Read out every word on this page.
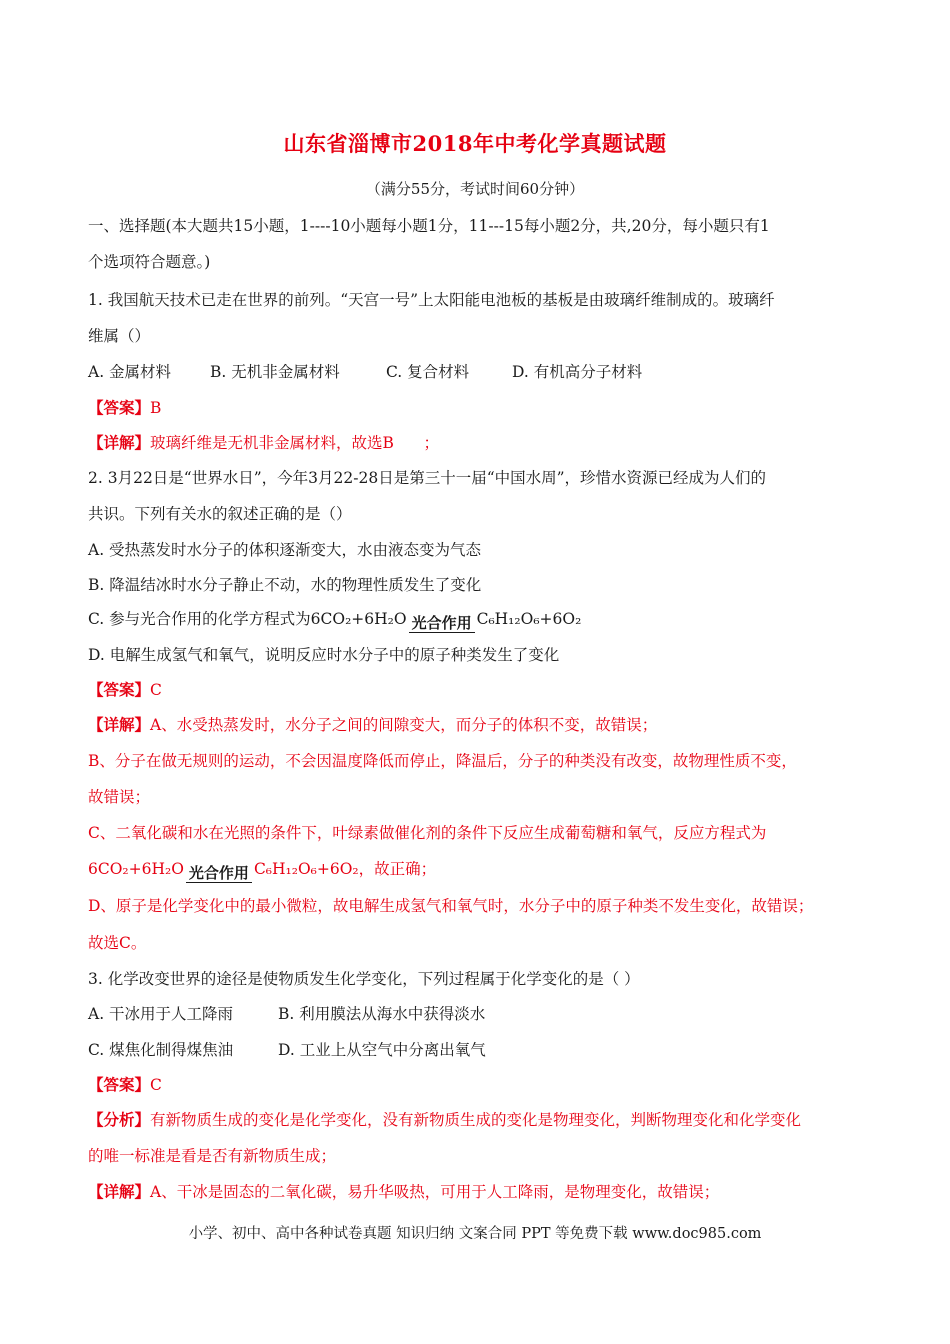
山东省淄博市2018年中考化学真题试题
（满分55分，考试时间60分钟）
一、选择题(本大题共15小题，1----10小题每小题1分，11---15每小题2分，共,20分，每小题只有1
个选项符合题意。)
1. 我国航天技术已走在世界的前列。“天宫一号”上太阳能电池板的基板是由玻璃纤维制成的。玻璃纤
维属（）
A. 金属材料	B. 无机非金属材料	C. 复合材料	D. 有机高分子材料
【答案】B
【详解】玻璃纤维是无机非金属材料，故选B      ；
2. 3月22日是“世界水日”，今年3月22-28日是第三十一届“中国水周”，珍惜水资源已经成为人们的
共识。下列有关水的叙述正确的是（）
A. 受热蒸发时水分子的体积逐渐变大，水由液态变为气态
B. 降温结冰时水分子静止不动，水的物理性质发生了变化
C. 参与光合作用的化学方程式为6CO₂+6H₂O 光合作用 C₆H₁₂O₆+6O₂
D. 电解生成氢气和氧气，说明反应时水分子中的原子种类发生了变化
【答案】C
【详解】A、水受热蒸发时，水分子之间的间隙变大，而分子的体积不变，故错误；
B、分子在做无规则的运动，不会因温度降低而停止，降温后，分子的种类没有改变，故物理性质不变，
故错误；
C、二氧化碳和水在光照的条件下，叶绿素做催化剂的条件下反应生成葡萄糖和氧气，反应方程式为
6CO₂+6H₂O 光合作用 C₆H₁₂O₆+6O₂，故正确；
D、原子是化学变化中的最小微粒，故电解生成氢气和氧气时，水分子中的原子种类不发生变化，故错误；
故选C。
3. 化学改变世界的途径是使物质发生化学变化，下列过程属于化学变化的是（ ）
A. 干冰用于人工降雨	B. 利用膜法从海水中获得淡水
C. 煤焦化制得煤焦油	D. 工业上从空气中分离出氧气
【答案】C
【分析】有新物质生成的变化是化学变化，没有新物质生成的变化是物理变化，判断物理变化和化学变化
的唯一标准是看是否有新物质生成；
【详解】A、干冰是固态的二氧化碳，易升华吸热，可用于人工降雨，是物理变化，故错误；
小学、初中、高中各种试卷真题 知识归纳 文案合同 PPT 等免费下载 www.doc985.com
